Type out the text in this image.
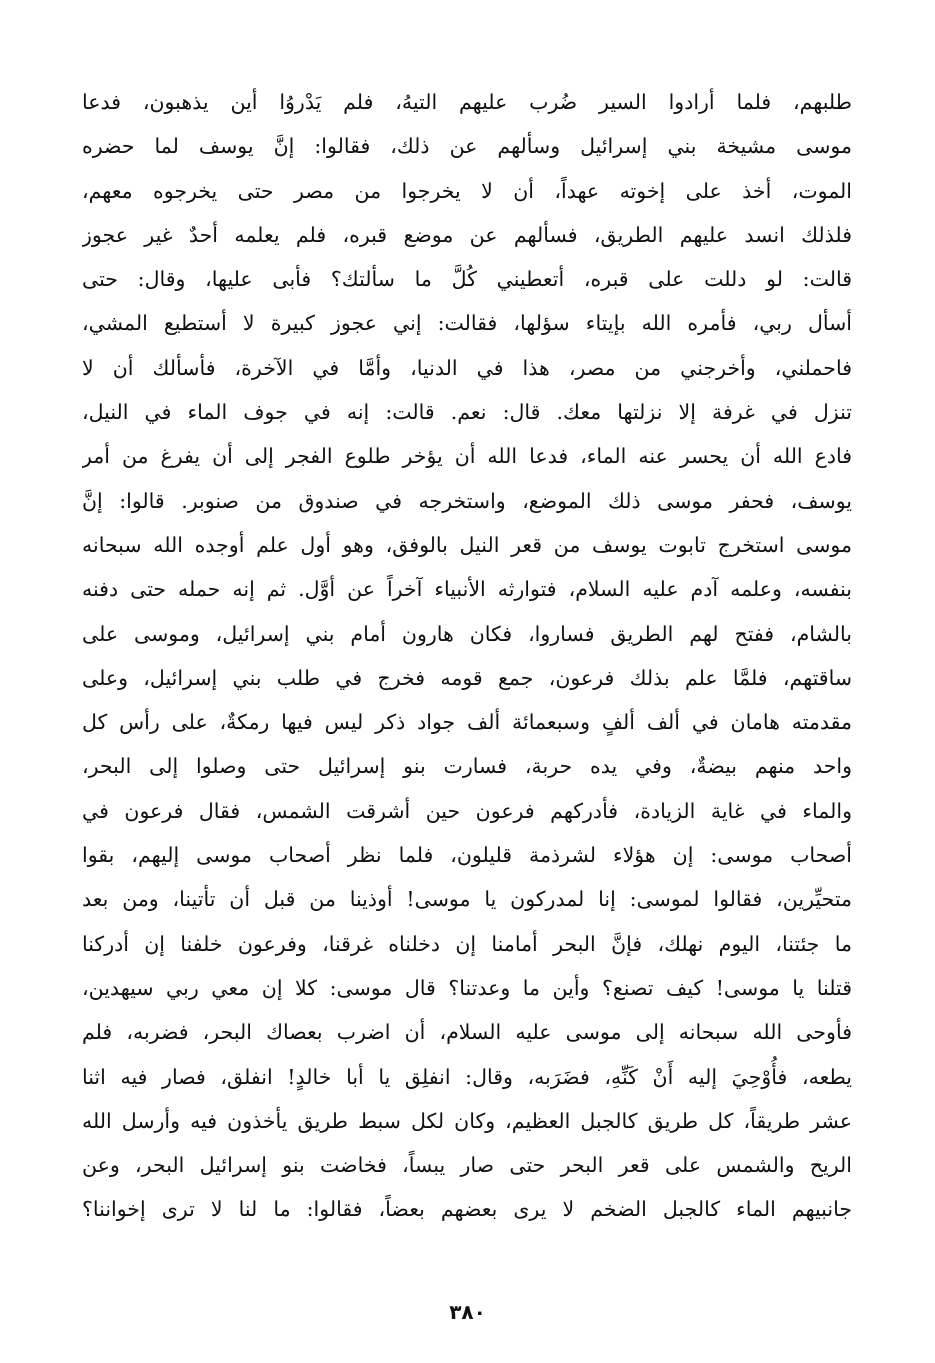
طلبهم، فلما أرادوا السير ضُرب عليهم التيهُ، فلم يَدْروُا أين يذهبون، فدعا
موسى مشيخة بني إسرائيل وسألهم عن ذلك، فقالوا: إنَّ يوسف لما حضره
الموت، أخذ على إخوته عهداً، أن لا يخرجوا من مصر حتى يخرجوه معهم،
فلذلك انسد عليهم الطريق، فسألهم عن موضع قبره، فلم يعلمه أحدٌ غير عجوز
قالت: لو دللت على قبره، أتعطيني كُلَّ ما سألتك؟ فأبى عليها، وقال: حتى
أسأل ربي، فأمره الله بإيتاء سؤلها، فقالت: إني عجوز كبيرة لا أستطيع المشي،
فاحملني، وأخرجني من مصر، هذا في الدنيا، وأمَّا في الآخرة، فأسألك أن لا
تنزل في غرفة إلا نزلتها معك. قال: نعم. قالت: إنه في جوف الماء في النيل،
فادع الله أن يحسر عنه الماء، فدعا الله أن يؤخر طلوع الفجر إلى أن يفرغ من أمر
يوسف، فحفر موسى ذلك الموضع، واستخرجه في صندوق من صنوبر. قالوا: إنَّ
موسى استخرج تابوت يوسف من قعر النيل بالوفق، وهو أول علم أوجده الله سبحانه
بنفسه، وعلمه آدم عليه السلام، فتوارثه الأنبياء آخراً عن أوَّل. ثم إنه حمله حتى دفنه
بالشام، ففتح لهم الطريق فساروا، فكان هارون أمام بني إسرائيل، وموسى على
ساقتهم، فلمَّا علم بذلك فرعون، جمع قومه فخرج في طلب بني إسرائيل، وعلى
مقدمته هامان في ألف ألفٍ وسبعمائة ألف جواد ذكر ليس فيها رمكةٌ، على رأس كل
واحد منهم بيضةٌ، وفي يده حربة، فسارت بنو إسرائيل حتى وصلوا إلى البحر،
والماء في غاية الزيادة، فأدركهم فرعون حين أشرقت الشمس، فقال فرعون في
أصحاب موسى: إن هؤلاء لشرذمة قليلون، فلما نظر أصحاب موسى إليهم، بقوا
متحيِّرين، فقالوا لموسى: إنا لمدركون يا موسى! أوذينا من قبل أن تأتينا، ومن بعد
ما جئتنا، اليوم نهلك، فإنَّ البحر أمامنا إن دخلناه غرقنا، وفرعون خلفنا إن أدركنا
قتلنا يا موسى! كيف تصنع؟ وأين ما وعدتنا؟ قال موسى: كلا إن معي ربي سيهدين،
فأوحى الله سبحانه إلى موسى عليه السلام، أن اضرب بعصاك البحر، فضربه، فلم
يطعه، فأُوْحِيَ إليه أَنْ كَنِّهِ، فضَرَبه، وقال: انفلِق يا أبا خالدٍ! انفلق، فصار فيه اثنا
عشر طريقاً، كل طريق كالجبل العظيم، وكان لكل سبط طريق يأخذون فيه وأرسل الله
الريح والشمس على قعر البحر حتى صار يبساً، فخاضت بنو إسرائيل البحر، وعن
جانبيهم الماء كالجبل الضخم لا يرى بعضهم بعضاً، فقالوا: ما لنا لا ترى إخواننا؟
٣٨٠
